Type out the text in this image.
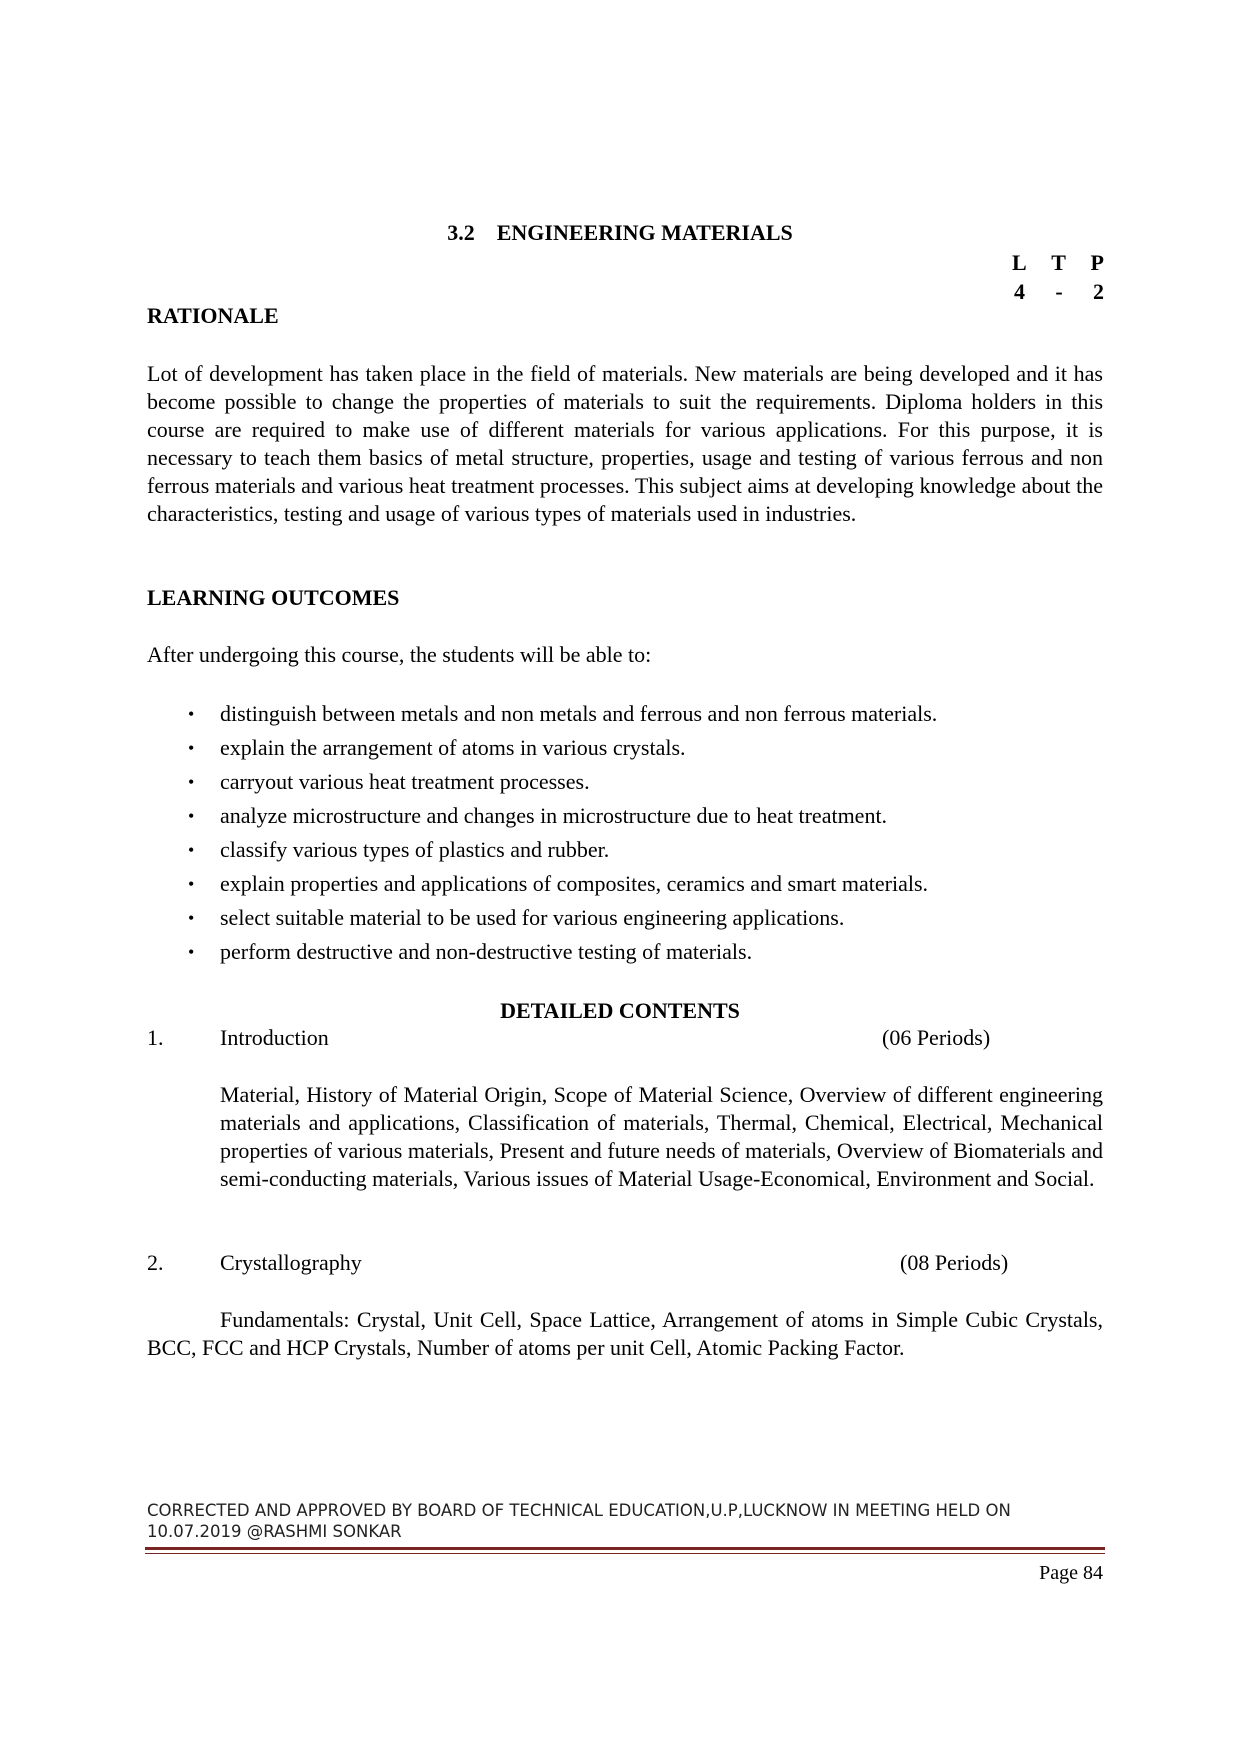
3.2 ENGINEERING MATERIALS
L T P
4 - 2
RATIONALE
Lot of development has taken place in the field of materials. New materials are being developed and it has become possible to change the properties of materials to suit the requirements. Diploma holders in this course are required to make use of different materials for various applications. For this purpose, it is necessary to teach them basics of metal structure, properties, usage and testing of various ferrous and non ferrous materials and various heat treatment processes. This subject aims at developing knowledge about the characteristics, testing and usage of various types of materials used in industries.
LEARNING OUTCOMES
After undergoing this course, the students will be able to:
• distinguish between metals and non metals and ferrous and non ferrous materials.
• explain the arrangement of atoms in various crystals.
• carryout various heat treatment processes.
• analyze microstructure and changes in microstructure due to heat treatment.
• classify various types of plastics and rubber.
• explain properties and applications of composites, ceramics and smart materials.
• select suitable material to be used for various engineering applications.
• perform destructive and non-destructive testing of materials.
DETAILED CONTENTS
1.	Introduction	(06 Periods)
Material, History of Material Origin, Scope of Material Science, Overview of different engineering materials and applications, Classification of materials, Thermal, Chemical, Electrical, Mechanical properties of various materials, Present and future needs of materials, Overview of Biomaterials and semi-conducting materials, Various issues of Material Usage-Economical, Environment and Social.
2.	Crystallography	(08 Periods)
Fundamentals: Crystal, Unit Cell, Space Lattice, Arrangement of atoms in Simple Cubic Crystals, BCC, FCC and HCP Crystals, Number of atoms per unit Cell, Atomic Packing Factor.
CORRECTED AND APPROVED BY BOARD OF TECHNICAL EDUCATION,U.P,LUCKNOW IN MEETING HELD ON 10.07.2019 @RASHMI SONKAR
Page 84
